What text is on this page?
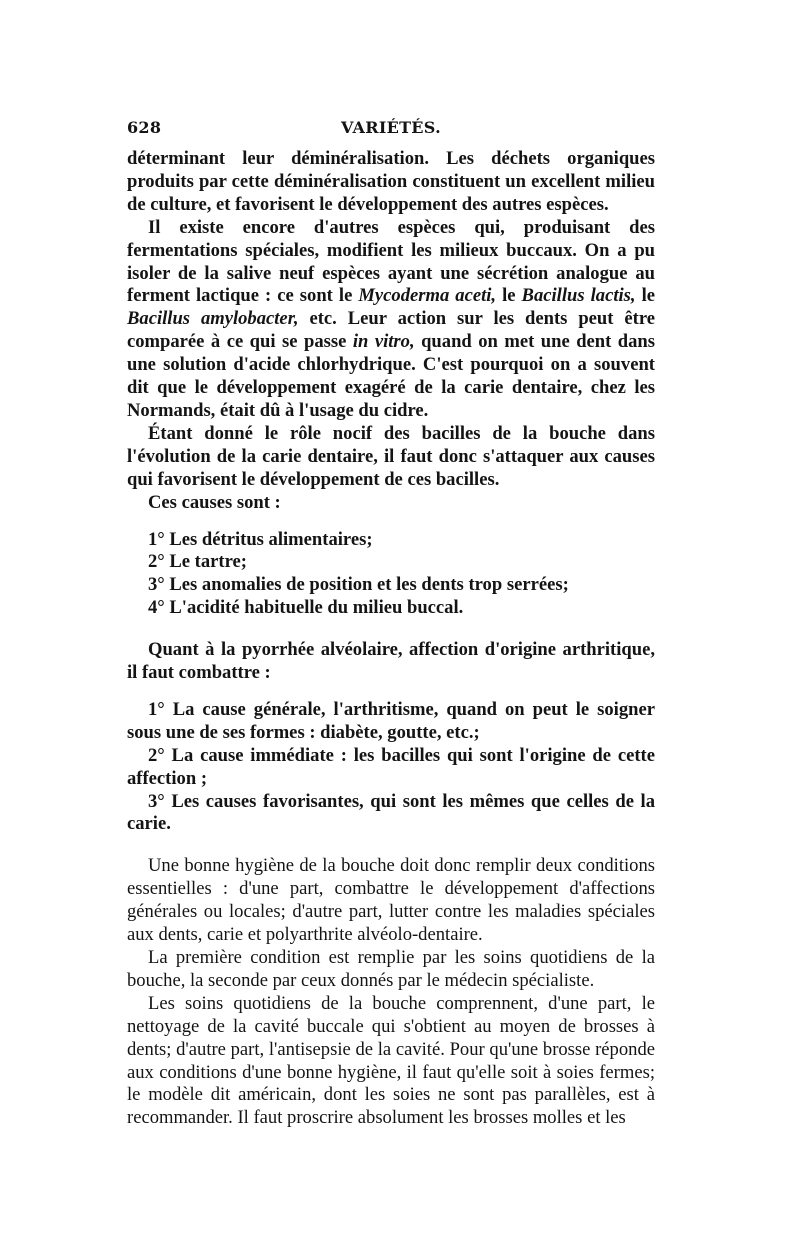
628	VARIÉTÉS.

déterminant leur déminéralisation. Les déchets organiques produits par cette déminéralisation constituent un excellent milieu de culture, et favorisent le développement des autres espèces.

Il existe encore d'autres espèces qui, produisant des fermentations spéciales, modifient les milieux buccaux. On a pu isoler de la salive neuf espèces ayant une sécrétion analogue au ferment lactique : ce sont le Mycoderma aceti, le Bacillus lactis, le Bacillus amylobacter, etc. Leur action sur les dents peut être comparée à ce qui se passe in vitro, quand on met une dent dans une solution d'acide chlorhydrique. C'est pourquoi on a souvent dit que le développement exagéré de la carie dentaire, chez les Normands, était dû à l'usage du cidre.

Étant donné le rôle nocif des bacilles de la bouche dans l'évolution de la carie dentaire, il faut donc s'attaquer aux causes qui favorisent le développement de ces bacilles.

Ces causes sont :

1° Les détritus alimentaires;

2° Le tartre;

3° Les anomalies de position et les dents trop serrées;

4° L'acidité habituelle du milieu buccal.

Quant à la pyorrhée alvéolaire, affection d'origine arthritique, il faut combattre :

1° La cause générale, l'arthritisme, quand on peut le soigner sous une de ses formes : diabète, goutte, etc.;

2° La cause immédiate : les bacilles qui sont l'origine de cette affection ;

3° Les causes favorisantes, qui sont les mêmes que celles de la carie.

Une bonne hygiène de la bouche doit donc remplir deux conditions essentielles : d'une part, combattre le développement d'affections générales ou locales; d'autre part, lutter contre les maladies spéciales aux dents, carie et polyarthrite alvéolo-dentaire.

La première condition est remplie par les soins quotidiens de la bouche, la seconde par ceux donnés par le médecin spécialiste.

Les soins quotidiens de la bouche comprennent, d'une part, le nettoyage de la cavité buccale qui s'obtient au moyen de brosses à dents; d'autre part, l'antisepsie de la cavité. Pour qu'une brosse réponde aux conditions d'une bonne hygiène, il faut qu'elle soit à soies fermes; le modèle dit américain, dont les soies ne sont pas parallèles, est à recommander. Il faut proscrire absolument les brosses molles et les
